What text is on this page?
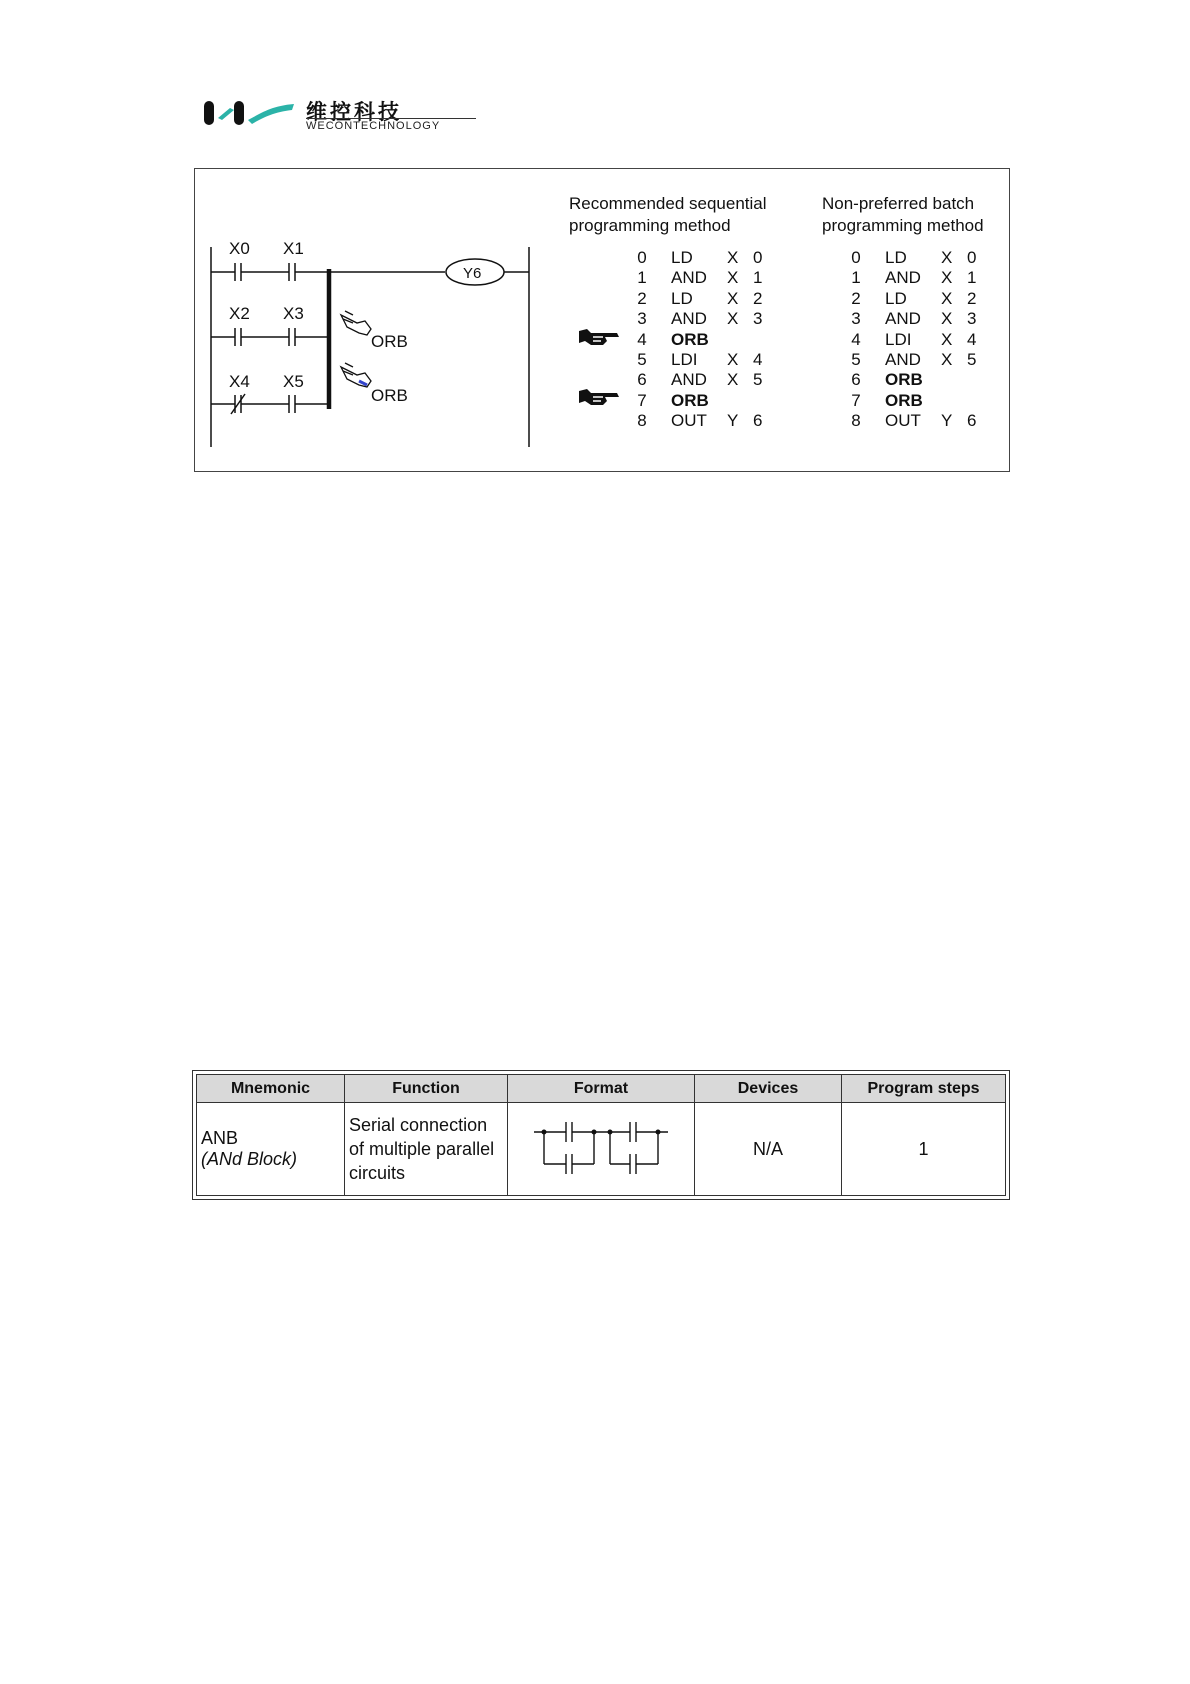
维控科技
WECONTECHNOLOGY
X0 X1
X2 X3
X4 X5
Y6
ORB
ORB
Recommended sequential
programming method
0 LD X 0
1 AND X 1
2 LD X 2
3 AND X 3
4 ORB
5 LDI X 4
6 AND X 5
7 ORB
8 OUT Y 6
Non-preferred batch
programming method
0 LD X 0
1 AND X 1
2 LD X 2
3 AND X 3
4 LDI X 4
5 AND X 5
6 ORB
7 ORB
8 OUT Y 6
Mnemonic	Function	Format	Devices	Program steps

ANB
(ANd Block)	Serial connection of multiple parallel circuits		N/A	1
